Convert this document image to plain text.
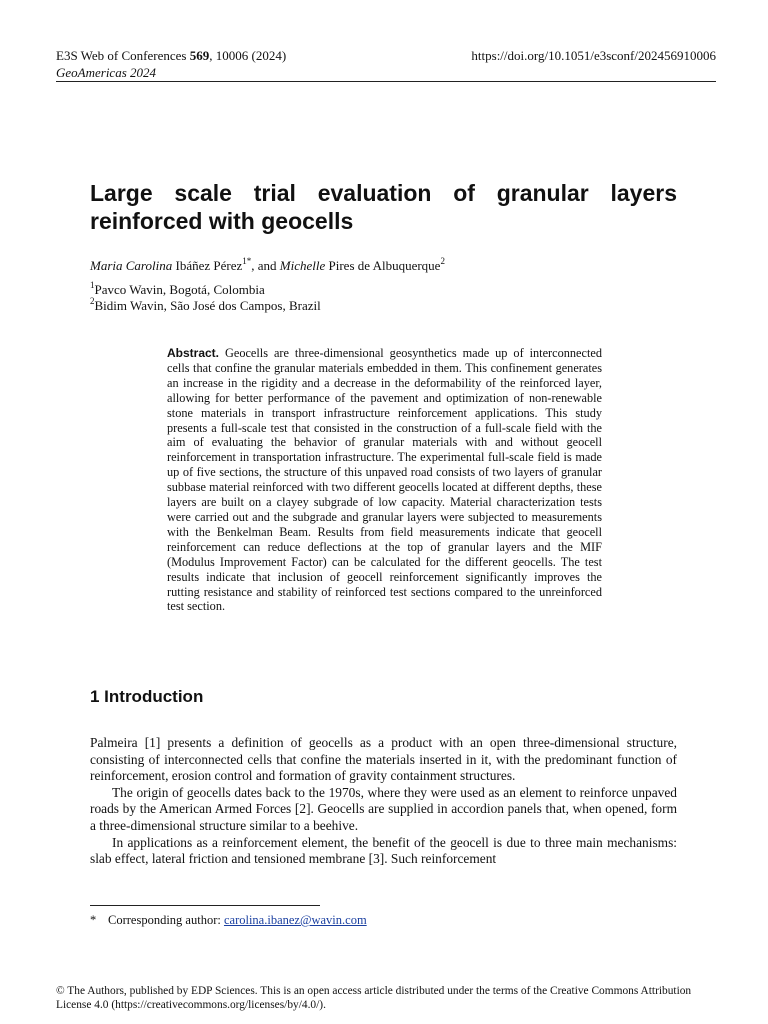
E3S Web of Conferences 569, 10006 (2024)	https://doi.org/10.1051/e3sconf/202456910006
GeoAmericas 2024
Large scale trial evaluation of granular layers reinforced with geocells
Maria Carolina Ibáñez Pérez$^{1*}$, and Michelle Pires de Albuquerque$^2$
$^1$Pavco Wavin, Bogotá, Colombia
$^2$Bidim Wavin, São José dos Campos, Brazil
Abstract. Geocells are three-dimensional geosynthetics made up of interconnected cells that confine the granular materials embedded in them. This confinement generates an increase in the rigidity and a decrease in the deformability of the reinforced layer, allowing for better performance of the pavement and optimization of non-renewable stone materials in transport infrastructure reinforcement applications. This study presents a full-scale test that consisted in the construction of a full-scale field with the aim of evaluating the behavior of granular materials with and without geocell reinforcement in transportation infrastructure. The experimental full-scale field is made up of five sections, the structure of this unpaved road consists of two layers of granular subbase material reinforced with two different geocells located at different depths, these layers are built on a clayey subgrade of low capacity. Material characterization tests were carried out and the subgrade and granular layers were subjected to measurements with the Benkelman Beam. Results from field measurements indicate that geocell reinforcement can reduce deflections at the top of granular layers and the MIF (Modulus Improvement Factor) can be calculated for the different geocells. The test results indicate that inclusion of geocell reinforcement significantly improves the rutting resistance and stability of reinforced test sections compared to the unreinforced test section.
1 Introduction

Palmeira [1] presents a definition of geocells as a product with an open three-dimensional structure, consisting of interconnected cells that confine the materials inserted in it, with the predominant function of reinforcement, erosion control and formation of gravity containment structures.

The origin of geocells dates back to the 1970s, where they were used as an element to reinforce unpaved roads by the American Armed Forces [2]. Geocells are supplied in accordion panels that, when opened, form a three-dimensional structure similar to a beehive.

In applications as a reinforcement element, the benefit of the geocell is due to three main mechanisms: slab effect, lateral friction and tensioned membrane [3]. Such reinforcement

* Corresponding author: carolina.ibanez@wavin.com
© The Authors, published by EDP Sciences. This is an open access article distributed under the terms of the Creative Commons Attribution License 4.0 (https://creativecommons.org/licenses/by/4.0/).
